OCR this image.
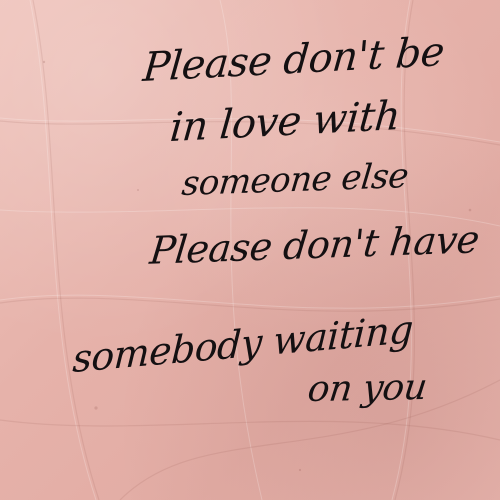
Please don't be

in love with

someone else

Please don't have

somebody waiting

on you
